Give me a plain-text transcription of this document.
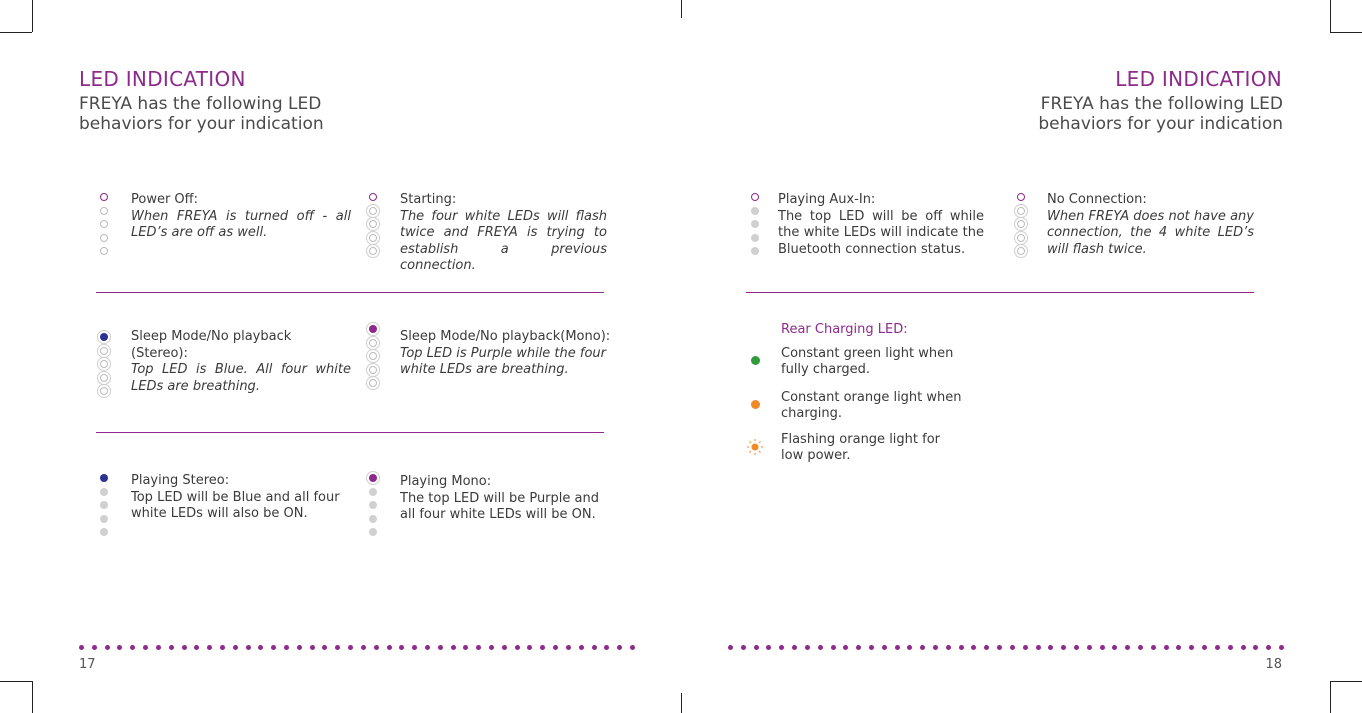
LED INDICATION
FREYA has the following LED behaviors for your indication
Power Off:
When FREYA is turned off - all LED’s are off as well.
Starting:
The four white LEDs will flash twice and FREYA is trying to establish a previous connection.
Sleep Mode/No playback (Stereo):
Top LED is Blue. All four white LEDs are breathing.
Sleep Mode/No playback(Mono):
Top LED is Purple while the four white LEDs are breathing.
Playing Stereo:
Top LED will be Blue and all four white LEDs will also be ON.
Playing Mono:
The top LED will be Purple and all four white LEDs will be ON.
17
LED INDICATION
FREYA has the following LED behaviors for your indication
Playing Aux-In:
The top LED will be off while the white LEDs will indicate the Bluetooth connection status.
No Connection:
When FREYA does not have any connection, the 4 white LED’s will flash twice.
Rear Charging LED:
Constant green light when fully charged.
Constant orange light when charging.
Flashing orange light for low power.
18
